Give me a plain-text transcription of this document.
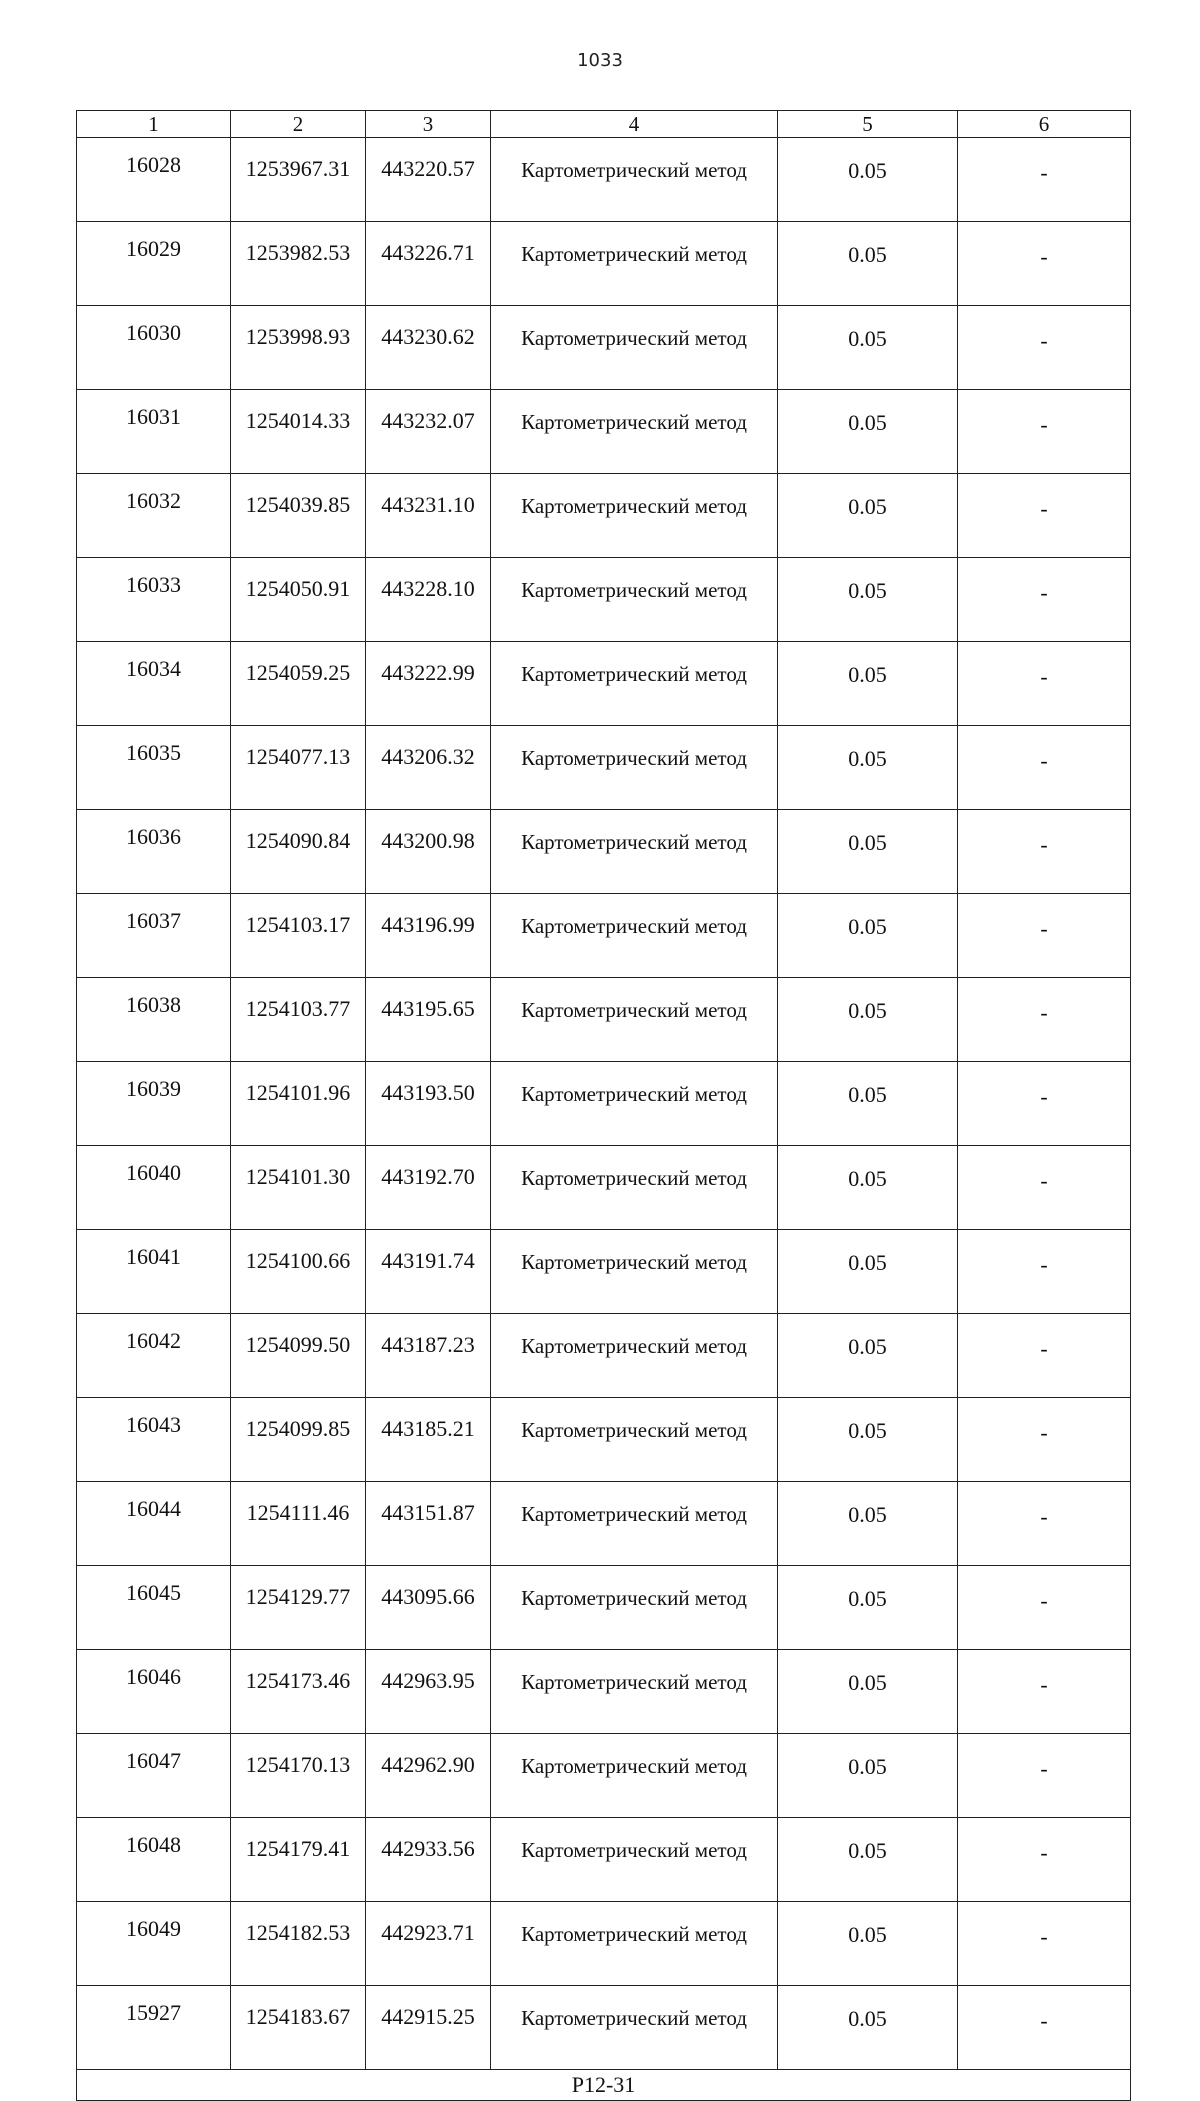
1033
1	2	3	4	5	6
16028	1253967.31	443220.57	Картометрический метод	0.05	-
16029	1253982.53	443226.71	Картометрический метод	0.05	-
16030	1253998.93	443230.62	Картометрический метод	0.05	-
16031	1254014.33	443232.07	Картометрический метод	0.05	-
16032	1254039.85	443231.10	Картометрический метод	0.05	-
16033	1254050.91	443228.10	Картометрический метод	0.05	-
16034	1254059.25	443222.99	Картометрический метод	0.05	-
16035	1254077.13	443206.32	Картометрический метод	0.05	-
16036	1254090.84	443200.98	Картометрический метод	0.05	-
16037	1254103.17	443196.99	Картометрический метод	0.05	-
16038	1254103.77	443195.65	Картометрический метод	0.05	-
16039	1254101.96	443193.50	Картометрический метод	0.05	-
16040	1254101.30	443192.70	Картометрический метод	0.05	-
16041	1254100.66	443191.74	Картометрический метод	0.05	-
16042	1254099.50	443187.23	Картометрический метод	0.05	-
16043	1254099.85	443185.21	Картометрический метод	0.05	-
16044	1254111.46	443151.87	Картометрический метод	0.05	-
16045	1254129.77	443095.66	Картометрический метод	0.05	-
16046	1254173.46	442963.95	Картометрический метод	0.05	-
16047	1254170.13	442962.90	Картометрический метод	0.05	-
16048	1254179.41	442933.56	Картометрический метод	0.05	-
16049	1254182.53	442923.71	Картометрический метод	0.05	-
15927	1254183.67	442915.25	Картометрический метод	0.05	-
Р12-31					
